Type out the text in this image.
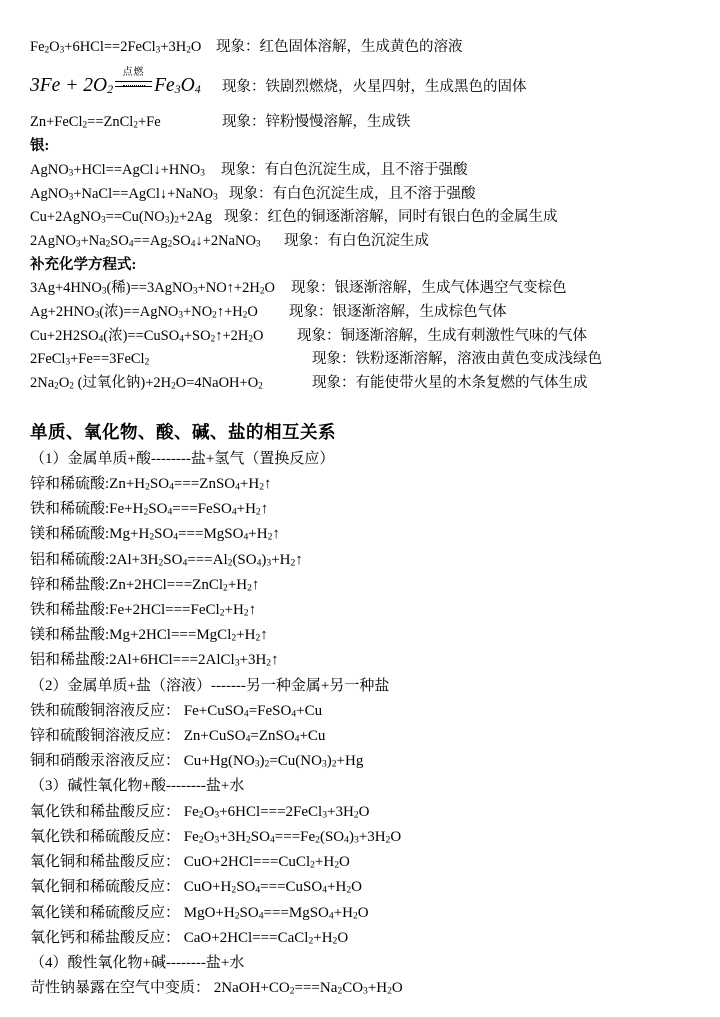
$Fe_2O_3+6HCl==2FeCl_3+3H_2O$	现象：红色固体溶解，生成黄色的溶液
$3Fe + 2O_2$
点燃
$Fe_3O_4$	现象：铁剧烈燃烧，火星四射，生成黑色的固体
Zn+FeCl$_2$==ZnCl$_2$+Fe	现象：锌粉慢慢溶解，生成铁
银:
$AgNO_3+HCl==AgCl↓+HNO_3$	现象：有白色沉淀生成，且不溶于强酸
AgNO$_3$+NaCl==AgCl↓+NaNO$_3$ 现象：有白色沉淀生成，且不溶于强酸
$Cu+2AgNO_3==Cu(NO_3)_2+2Ag$ 现象：红色的铜逐渐溶解，同时有银白色的金属生成
$2AgNO_3+Na_2SO_4==Ag_2SO_4↓+2NaNO_3$	现象：有白色沉淀生成
补充化学方程式:
$3Ag+4HNO_3$(稀)$==3AgNO_3+NO↑+2H_2O$	现象：银逐渐溶解，生成气体遇空气变棕色
$Ag+2HNO_3$(浓)$==AgNO_3+NO_2↑+H_2O$	现象：银逐渐溶解，生成棕色气体
$Cu+2H2SO_4$(浓)$==CuSO_4+SO_2↑+2H_2O$	现象：铜逐渐溶解，生成有刺激性气味的气体
2FeCl$_3$+Fe==3FeCl$_2$	现象：铁粉逐渐溶解，溶液由黄色变成浅绿色
$2Na_2O_2$ (过氧化钠)$+2H_2O=4NaOH+O_2$	现象：有能使带火星的木条复燃的气体生成
单质、氧化物、酸、碱、盐的相互关系
（1）金属单质+酸--------盐+氢气（置换反应）
锌和稀硫酸$:Zn+H_2SO_4===ZnSO_4+H_2↑$
铁和稀硫酸$:Fe+H_2SO_4===FeSO_4+H_2↑$
镁和稀硫酸$:Mg+H_2SO_4===MgSO_4+H_2↑$
铝和稀硫酸$:2Al+3H_2SO_4===Al_2(SO_4)_3+H_2↑$
锌和稀盐酸$:Zn+2HCl===ZnCl_2+H_2↑$
铁和稀盐酸$:Fe+2HCl===FeCl_2+H_2↑$
镁和稀盐酸$:Mg+2HCl===MgCl_2+H_2↑$
铝和稀盐酸$:2Al+6HCl===2AlCl_3+3H_2↑$
（2）金属单质+盐（溶液）-------另一种金属+另一种盐
铁和硫酸铜溶液反应： Fe+CuSO$_4$=FeSO$_4$+Cu
锌和硫酸铜溶液反应： Zn+CuSO$_4$=ZnSO$_4$+Cu
铜和硝酸汞溶液反应： $Cu+Hg(NO_3)_2=Cu(NO_3)_2+Hg$
（3）碱性氧化物+酸--------盐+水
氧化铁和稀盐酸反应： $Fe_2O_3+6HCl===2FeCl_3+3H_2O$
氧化铁和稀硫酸反应： $Fe_2O_3+3H_2SO_4===Fe_2(SO_4)_3+3H_2O$
氧化铜和稀盐酸反应： $CuO+2HCl===CuCl_2+H_2O$
氧化铜和稀硫酸反应： $CuO+H_2SO_4===CuSO_4+H_2O$
氧化镁和稀硫酸反应： $MgO+H_2SO_4===MgSO_4+H_2O$
氧化钙和稀盐酸反应： $CaO+2HCl===CaCl_2+H_2O$
（4）酸性氧化物+碱--------盐+水
苛性钠暴露在空气中变质： $2NaOH+CO_2===Na_2CO_3+H_2O$
